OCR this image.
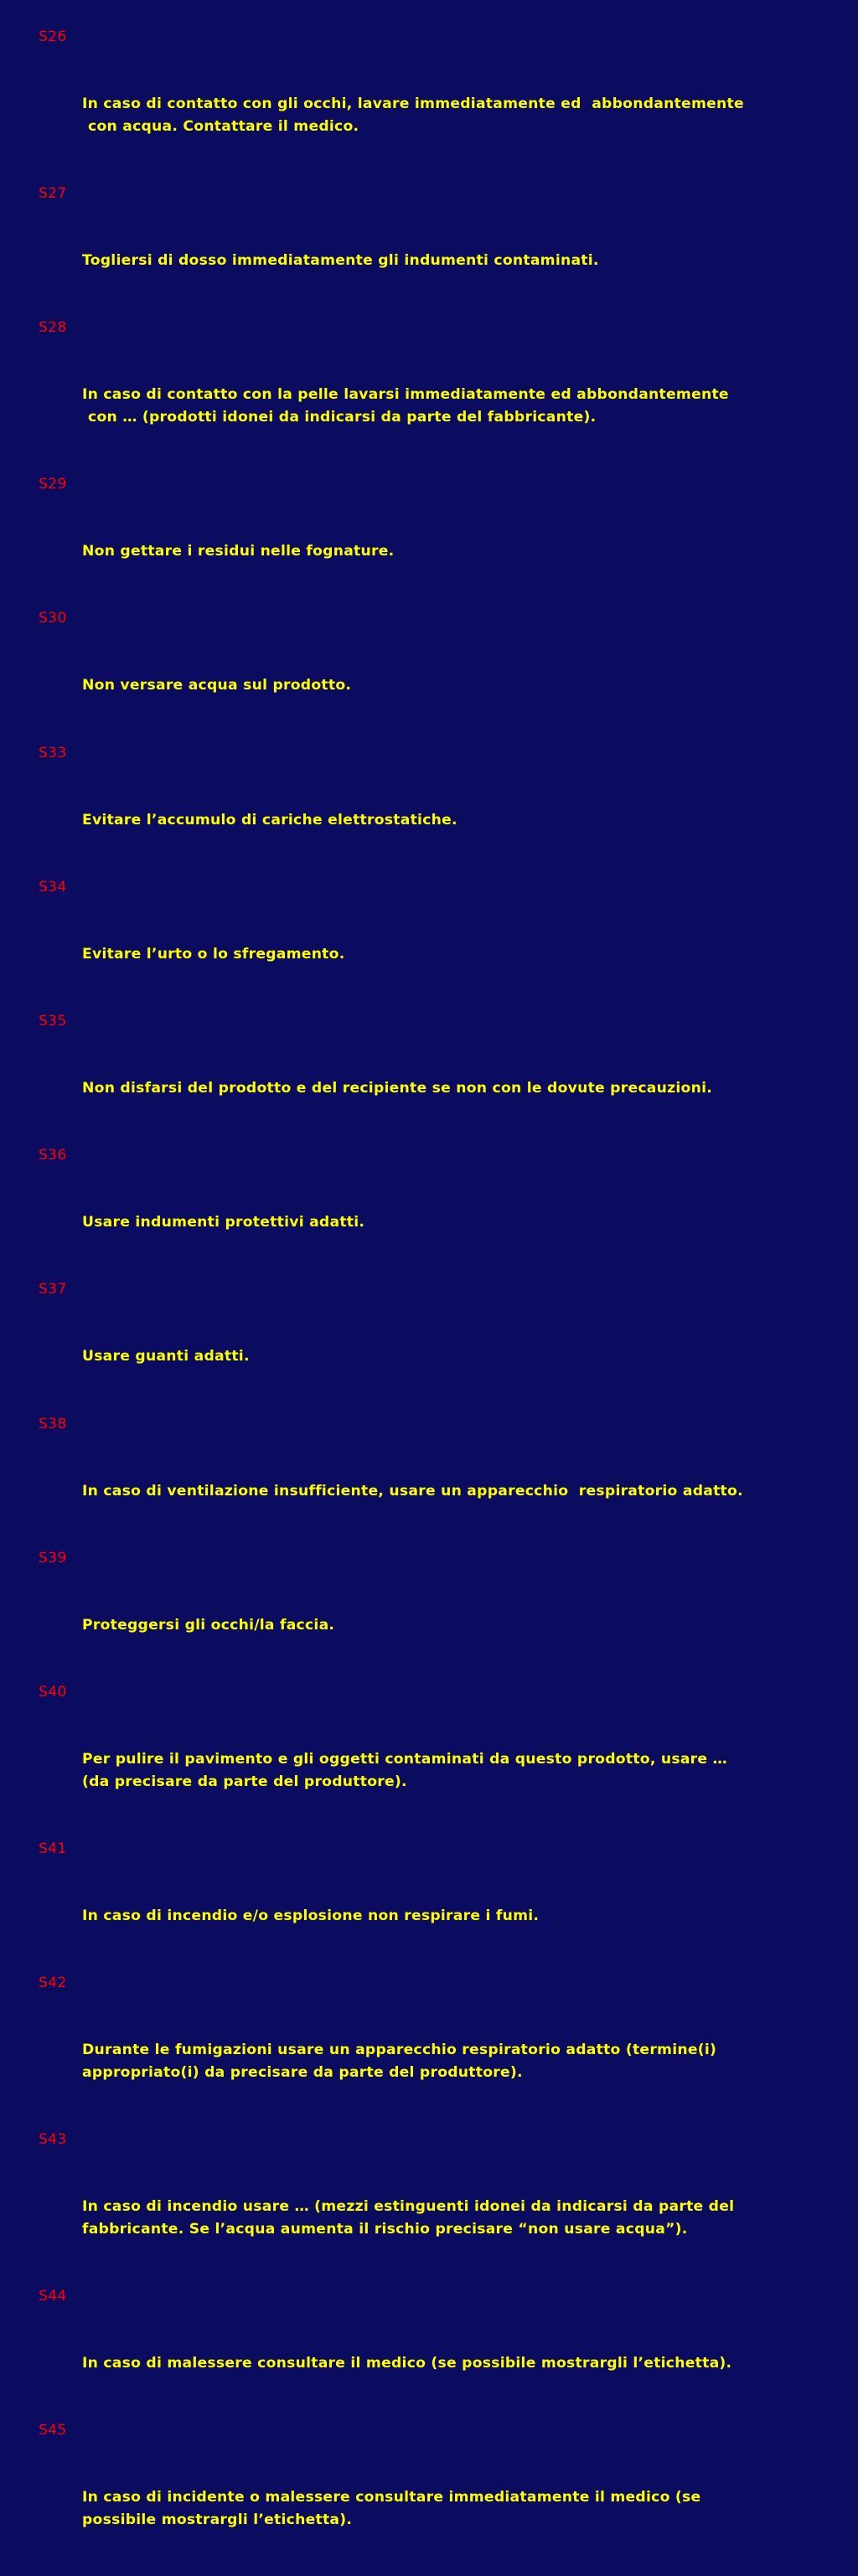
S26

In caso di contatto con gli occhi, lavare immediatamente ed  abbondantemente
con acqua. Contattare il medico.

S27

Togliersi di dosso immediatamente gli indumenti contaminati.

S28

In caso di contatto con la pelle lavarsi immediatamente ed abbondantemente
con … (prodotti idonei da indicarsi da parte del fabbricante).

S29

Non gettare i residui nelle fognature.

S30

Non versare acqua sul prodotto.

S33

Evitare l’accumulo di cariche elettrostatiche.

S34

Evitare l’urto o lo sfregamento.

S35

Non disfarsi del prodotto e del recipiente se non con le dovute precauzioni.

S36

Usare indumenti protettivi adatti.

S37

Usare guanti adatti.

S38

In caso di ventilazione insufficiente, usare un apparecchio  respiratorio adatto.

S39

Proteggersi gli occhi/la faccia.

S40

Per pulire il pavimento e gli oggetti contaminati da questo prodotto, usare …
(da precisare da parte del produttore).

S41

In caso di incendio e/o esplosione non respirare i fumi.

S42

Durante le fumigazioni usare un apparecchio respiratorio adatto (termine(i)
appropriato(i) da precisare da parte del produttore).

S43

In caso di incendio usare … (mezzi estinguenti idonei da indicarsi da parte del
fabbricante. Se l’acqua aumenta il rischio precisare “non usare acqua”).

S44

In caso di malessere consultare il medico (se possibile mostrargli l’etichetta).

S45

In caso di incidente o malessere consultare immediatamente il medico (se
possibile mostrargli l’etichetta).
